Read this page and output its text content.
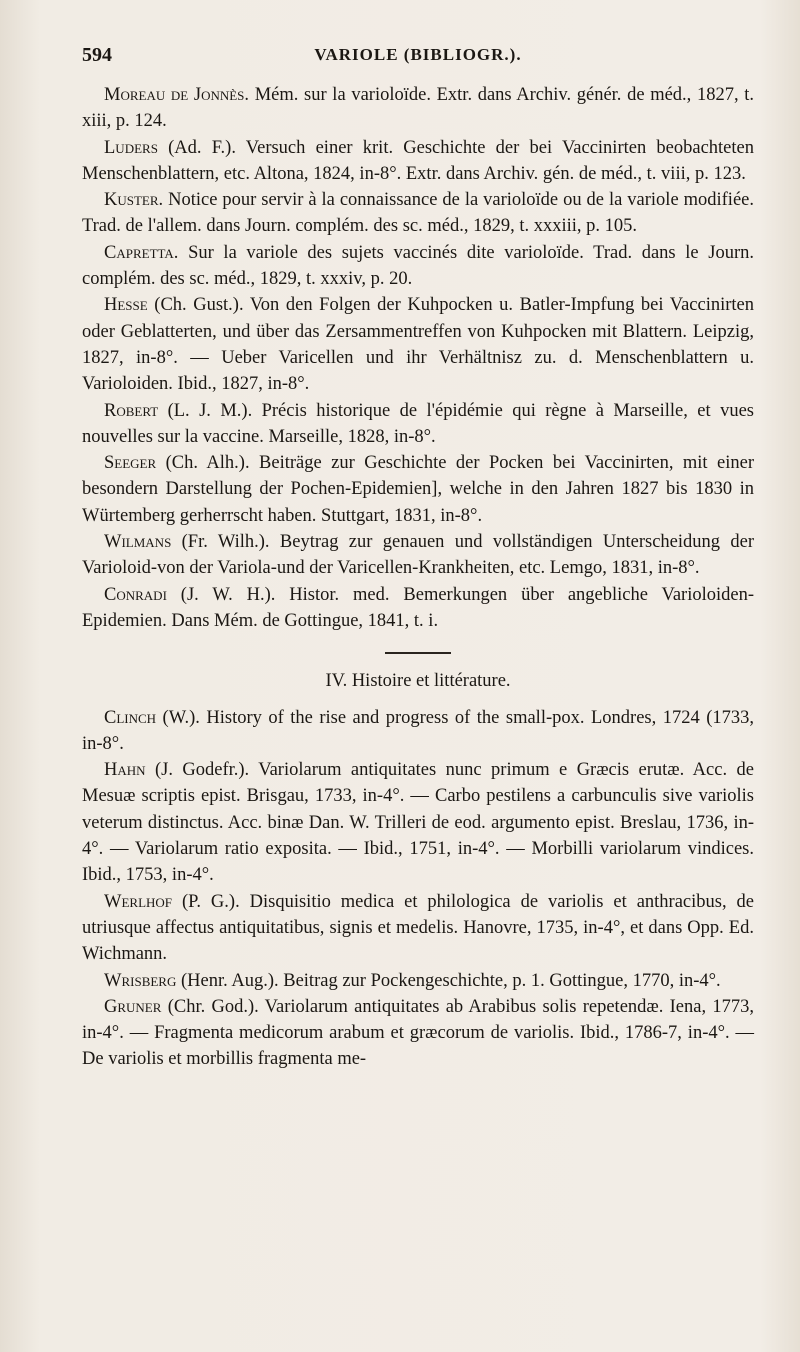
594	VARIOLE (BIBLIOGR.).

Moreau de Jonnès. Mém. sur la varioloïde. Extr. dans Archiv. génér. de méd., 1827, t. xiii, p. 124.

Luders (Ad. F.). Versuch einer krit. Geschichte der bei Vaccinirten beobachteten Menschenblattern, etc. Altona, 1824, in-8°. Extr. dans Archiv. gén. de méd., t. viii, p. 123.

Kuster. Notice pour servir à la connaissance de la varioloïde ou de la variole modifiée. Trad. de l'allem. dans Journ. complém. des sc. méd., 1829, t. xxxiii, p. 105.

Capretta. Sur la variole des sujets vaccinés dite varioloïde. Trad. dans le Journ. complém. des sc. méd., 1829, t. xxxiv, p. 20.

Hesse (Ch. Gust.). Von den Folgen der Kuhpocken u. Batler-Impfung bei Vaccinirten oder Geblatterten, und über das Zersammentreffen von Kuhpocken mit Blattern. Leipzig, 1827, in-8°. — Ueber Varicellen und ihr Verhältnisz zu. d. Menschenblattern u. Varioloiden. Ibid., 1827, in-8°.

Robert (L. J. M.). Précis historique de l'épidémie qui règne à Marseille, et vues nouvelles sur la vaccine. Marseille, 1828, in-8°.

Seeger (Ch. Alh.). Beiträge zur Geschichte der Pocken bei Vaccinirten, mit einer besondern Darstellung der Pochen-Epidemien], welche in den Jahren 1827 bis 1830 in Würtemberg gerherrscht haben. Stuttgart, 1831, in-8°.

Wilmans (Fr. Wilh.). Beytrag zur genauen und vollständigen Unterscheidung der Varioloid-von der Variola-und der Varicellen-Krankheiten, etc. Lemgo, 1831, in-8°.

Conradi (J. W. H.). Histor. med. Bemerkungen über angebliche Varioloiden-Epidemien. Dans Mém. de Gottingue, 1841, t. i.

IV. Histoire et littérature.

Clinch (W.). History of the rise and progress of the small-pox. Londres, 1724 (1733, in-8°.

Hahn (J. Godefr.). Variolarum antiquitates nunc primum e Græcis erutæ. Acc. de Mesuæ scriptis epist. Brisgau, 1733, in-4°. — Carbo pestilens a carbunculis sive variolis veterum distinctus. Acc. binæ Dan. W. Trilleri de eod. argumento epist. Breslau, 1736, in-4°. — Variolarum ratio exposita. — Ibid., 1751, in-4°. — Morbilli variolarum vindices. Ibid., 1753, in-4°.

Werlhof (P. G.). Disquisitio medica et philologica de variolis et anthracibus, de utriusque affectus antiquitatibus, signis et medelis. Hanovre, 1735, in-4°, et dans Opp. Ed. Wichmann.

Wrisberg (Henr. Aug.). Beitrag zur Pockengeschichte, p. 1. Gottingue, 1770, in-4°.

Gruner (Chr. God.). Variolarum antiquitates ab Arabibus solis repetendæ. Iena, 1773, in-4°. — Fragmenta medicorum arabum et græcorum de variolis. Ibid., 1786-7, in-4°. — De variolis et morbillis fragmenta me-
